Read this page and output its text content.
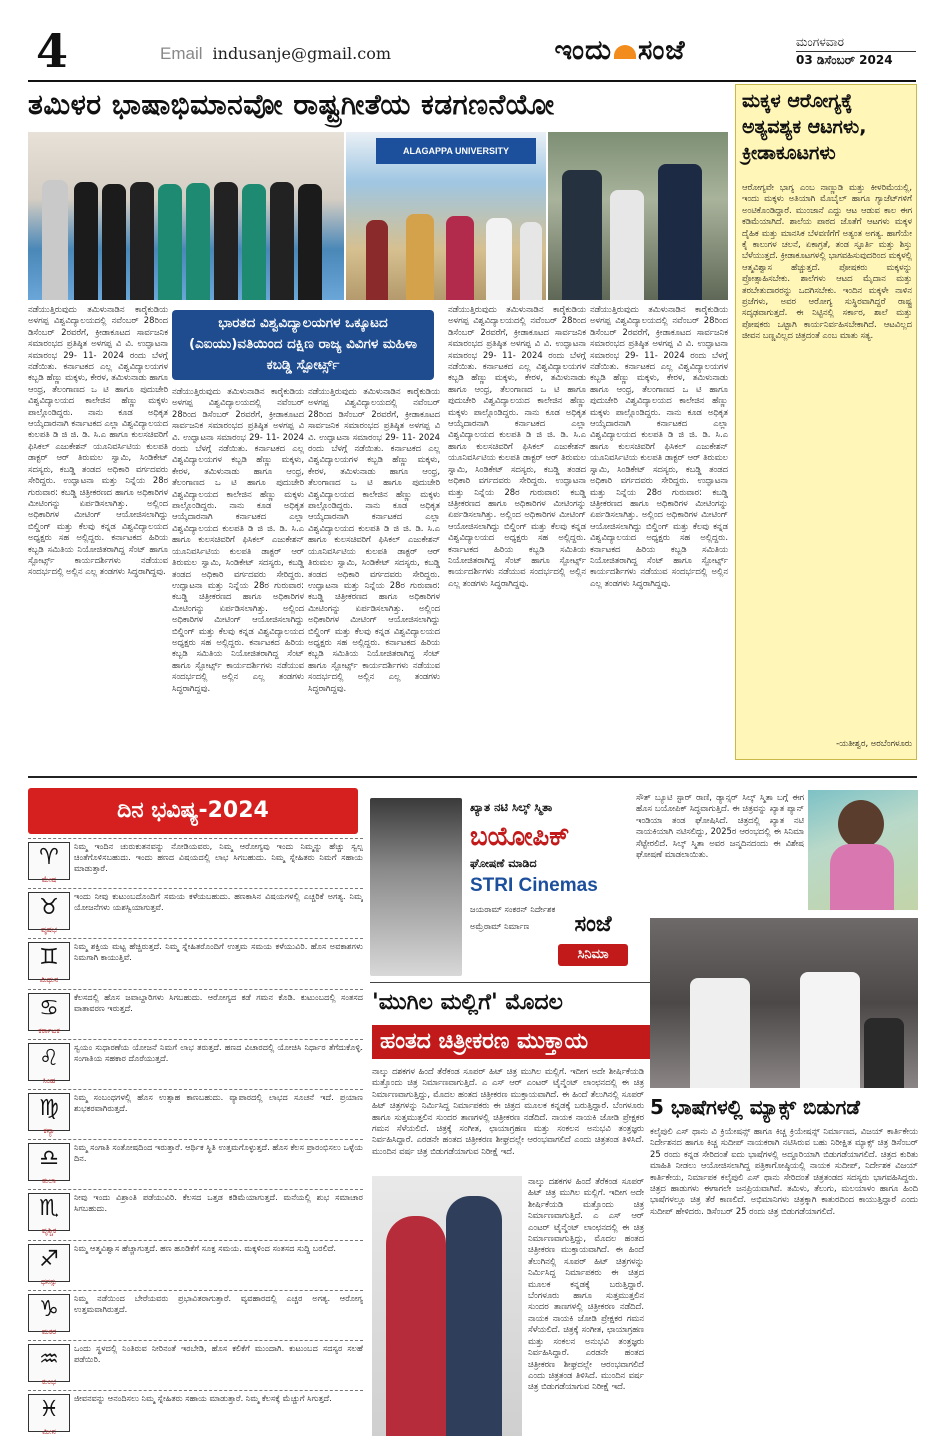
4	Email indusanje@gmail.com	ಇಂದು ಸಂಜೆ	ಮಂಗಳವಾರ
03 ಡಿಸೆಂಬರ್ 2024
ತಮಿಳರ ಭಾಷಾಭಿಮಾನವೋ ರಾಷ್ಟ್ರಗೀತೆಯ ಕಡಗಣನೆಯೋ
ALAGAPPA UNIVERSITY
ಭಾರತದ ವಿಶ್ವವಿದ್ಯಾಲಯಗಳ ಒಕ್ಕೂಟದ (ಎಐಯು)ವತಿಯಿಂದ ದಕ್ಷಿಣ ರಾಜ್ಯ ವಿವಿಗಳ ಮಹಿಳಾ ಕಬಡ್ಡಿ ಸ್ಪೋರ್ಟ್ಸ್
ನಡೆಯುತ್ತಿರುವುದು ತಮಿಳುನಾಡಿನ ಕಾರೈಕುಡಿಯ ಅಳಗಪ್ಪ ವಿಶ್ವವಿದ್ಯಾಲಯದಲ್ಲಿ ನವೆಂಬರ್ 28ರಿಂದ ಡಿಸೆಂಬರ್ 2ರವರೆಗೆ, ಕ್ರೀಡಾಕೂಟದ ಸಾರ್ವಜನಿಕ ಸಮಾರಂಭದ ಪ್ರತಿಷ್ಠಿತ ಅಳಗಪ್ಪ ವಿ ವಿ. ಉದ್ಘಾಟನಾ ಸಮಾರಂಭ 29- 11- 2024 ರಂದು ಬೆಳಗ್ಗೆ ನಡೆಯಿತು. ಕರ್ನಾಟಕದ ಎಲ್ಲ ವಿಶ್ವವಿದ್ಯಾಲಯಗಳ ಕಬ್ಬಡಿ ಹೆಣ್ಣು ಮಕ್ಕಳು, ಕೇರಳ, ತಮಿಳುನಾಡು ಹಾಗೂ ಆಂಧ್ರ, ತೆಲಂಗಾಣದ ಒ ಟಿ ಹಾಗೂ ಪುದುಚೇರಿ ವಿಶ್ವವಿದ್ಯಾಲಯದ ಕಾಲೇಜಿನ ಹೆಣ್ಣು ಮಕ್ಕಳು ಪಾಲ್ಗೊಂಡಿದ್ದರು. ನಾನು ಕೂಡ ಅಧಿಕೃತ ಆಯ್ಕೆದಾರನಾಗಿ ಕರ್ನಾಟಕದ ಎಲ್ಲಾ ವಿಶ್ವವಿದ್ಯಾಲಯದ ಕುಲಪತಿ ಡಿ ಜಿ ಜಿ. ಡಿ. ಸಿ.ಎ ಹಾಗೂ ಕುಲಸಚಿವರಿಗೆ ಫಿಸಿಕಲ್ ಎಜುಕೇಶನ್ ಯೂನಿವರ್ಸಿಟಿಯ ಕುಲಪತಿ ಡಾಕ್ಟರ್ ಆರ್ ತಿರುಮಲ ಸ್ವಾಮಿ, ಸಿಂಡಿಕೇಟ್ ಸದಸ್ಯರು, ಕಬಡ್ಡಿ ತಂಡದ ಅಧಿಕಾರಿ ವರ್ಗದವರು ಸೇರಿದ್ದರು. ಉದ್ಘಾಟನಾ ಮತ್ತು ನಿನ್ನೆಯ 28ರ ಗುರುವಾರ: ಕಬಡ್ಡಿ ಚಿತ್ರೀಕರಣದ ಹಾಗೂ ಅಧಿಕಾರಿಗಳ ಮೀಟಿಂಗನ್ನು ಏರ್ಪಡಿಸಲಾಗಿತ್ತು. ಅಲ್ಲಿಂದ ಅಧಿಕಾರಿಗಳ ಮೀಟಿಂಗ್ ಆಯೋಜಿಸಲಾಗಿದ್ದು ಬಿಲ್ಡಿಂಗ್ ಮತ್ತು ಕೆಲವು ಕನ್ನಡ ವಿಶ್ವವಿದ್ಯಾಲಯದ ಅಧ್ಯಕ್ಷರು ಸಹ ಅಲ್ಲಿದ್ದರು. ಕರ್ನಾಟಕದ ಹಿರಿಯ ಕಬ್ಬಡಿ ಸಮಿತಿಯ ನಿಯೋಜಿತರಾಗಿದ್ದ ಸೆಂಟ್ ಹಾಗೂ ಸ್ಪೋರ್ಟ್ಸ್ ಕಾರ್ಯದರ್ಶಿಗಳು ನಡೆಯುವ ಸಂದರ್ಭದಲ್ಲಿ ಅಲ್ಲಿನ ಎಲ್ಲ ತಂಡಗಳು ಸಿದ್ಧರಾಗಿದ್ದವು.
ನಡೆಯುತ್ತಿರುವುದು ತಮಿಳುನಾಡಿನ ಕಾರೈಕುಡಿಯ ಅಳಗಪ್ಪ ವಿಶ್ವವಿದ್ಯಾಲಯದಲ್ಲಿ ನವೆಂಬರ್ 28ರಿಂದ ಡಿಸೆಂಬರ್ 2ರವರೆಗೆ, ಕ್ರೀಡಾಕೂಟದ ಸಾರ್ವಜನಿಕ ಸಮಾರಂಭದ ಪ್ರತಿಷ್ಠಿತ ಅಳಗಪ್ಪ ವಿ ವಿ. ಉದ್ಘಾಟನಾ ಸಮಾರಂಭ 29- 11- 2024 ರಂದು ಬೆಳಗ್ಗೆ ನಡೆಯಿತು. ಕರ್ನಾಟಕದ ಎಲ್ಲ ವಿಶ್ವವಿದ್ಯಾಲಯಗಳ ಕಬ್ಬಡಿ ಹೆಣ್ಣು ಮಕ್ಕಳು, ಕೇರಳ, ತಮಿಳುನಾಡು ಹಾಗೂ ಆಂಧ್ರ, ತೆಲಂಗಾಣದ ಒ ಟಿ ಹಾಗೂ ಪುದುಚೇರಿ ವಿಶ್ವವಿದ್ಯಾಲಯದ ಕಾಲೇಜಿನ ಹೆಣ್ಣು ಮಕ್ಕಳು ಪಾಲ್ಗೊಂಡಿದ್ದರು. ನಾನು ಕೂಡ ಅಧಿಕೃತ ಆಯ್ಕೆದಾರನಾಗಿ ಕರ್ನಾಟಕದ ಎಲ್ಲಾ ವಿಶ್ವವಿದ್ಯಾಲಯದ ಕುಲಪತಿ ಡಿ ಜಿ ಜಿ. ಡಿ. ಸಿ.ಎ ಹಾಗೂ ಕುಲಸಚಿವರಿಗೆ ಫಿಸಿಕಲ್ ಎಜುಕೇಶನ್ ಯೂನಿವರ್ಸಿಟಿಯ ಕುಲಪತಿ ಡಾಕ್ಟರ್ ಆರ್ ತಿರುಮಲ ಸ್ವಾಮಿ, ಸಿಂಡಿಕೇಟ್ ಸದಸ್ಯರು, ಕಬಡ್ಡಿ ತಂಡದ ಅಧಿಕಾರಿ ವರ್ಗದವರು ಸೇರಿದ್ದರು. ಉದ್ಘಾಟನಾ ಮತ್ತು ನಿನ್ನೆಯ 28ರ ಗುರುವಾರ: ಕಬಡ್ಡಿ ಚಿತ್ರೀಕರಣದ ಹಾಗೂ ಅಧಿಕಾರಿಗಳ ಮೀಟಿಂಗನ್ನು ಏರ್ಪಡಿಸಲಾಗಿತ್ತು. ಅಲ್ಲಿಂದ ಅಧಿಕಾರಿಗಳ ಮೀಟಿಂಗ್ ಆಯೋಜಿಸಲಾಗಿದ್ದು ಬಿಲ್ಡಿಂಗ್ ಮತ್ತು ಕೆಲವು ಕನ್ನಡ ವಿಶ್ವವಿದ್ಯಾಲಯದ ಅಧ್ಯಕ್ಷರು ಸಹ ಅಲ್ಲಿದ್ದರು. ಕರ್ನಾಟಕದ ಹಿರಿಯ ಕಬ್ಬಡಿ ಸಮಿತಿಯ ನಿಯೋಜಿತರಾಗಿದ್ದ ಸೆಂಟ್ ಹಾಗೂ ಸ್ಪೋರ್ಟ್ಸ್ ಕಾರ್ಯದರ್ಶಿಗಳು ನಡೆಯುವ ಸಂದರ್ಭದಲ್ಲಿ ಅಲ್ಲಿನ ಎಲ್ಲ ತಂಡಗಳು ಸಿದ್ಧರಾಗಿದ್ದವು.
ನಡೆಯುತ್ತಿರುವುದು ತಮಿಳುನಾಡಿನ ಕಾರೈಕುಡಿಯ ಅಳಗಪ್ಪ ವಿಶ್ವವಿದ್ಯಾಲಯದಲ್ಲಿ ನವೆಂಬರ್ 28ರಿಂದ ಡಿಸೆಂಬರ್ 2ರವರೆಗೆ, ಕ್ರೀಡಾಕೂಟದ ಸಾರ್ವಜನಿಕ ಸಮಾರಂಭದ ಪ್ರತಿಷ್ಠಿತ ಅಳಗಪ್ಪ ವಿ ವಿ. ಉದ್ಘಾಟನಾ ಸಮಾರಂಭ 29- 11- 2024 ರಂದು ಬೆಳಗ್ಗೆ ನಡೆಯಿತು. ಕರ್ನಾಟಕದ ಎಲ್ಲ ವಿಶ್ವವಿದ್ಯಾಲಯಗಳ ಕಬ್ಬಡಿ ಹೆಣ್ಣು ಮಕ್ಕಳು, ಕೇರಳ, ತಮಿಳುನಾಡು ಹಾಗೂ ಆಂಧ್ರ, ತೆಲಂಗಾಣದ ಒ ಟಿ ಹಾಗೂ ಪುದುಚೇರಿ ವಿಶ್ವವಿದ್ಯಾಲಯದ ಕಾಲೇಜಿನ ಹೆಣ್ಣು ಮಕ್ಕಳು ಪಾಲ್ಗೊಂಡಿದ್ದರು. ನಾನು ಕೂಡ ಅಧಿಕೃತ ಆಯ್ಕೆದಾರನಾಗಿ ಕರ್ನಾಟಕದ ಎಲ್ಲಾ ವಿಶ್ವವಿದ್ಯಾಲಯದ ಕುಲಪತಿ ಡಿ ಜಿ ಜಿ. ಡಿ. ಸಿ.ಎ ಹಾಗೂ ಕುಲಸಚಿವರಿಗೆ ಫಿಸಿಕಲ್ ಎಜುಕೇಶನ್ ಯೂನಿವರ್ಸಿಟಿಯ ಕುಲಪತಿ ಡಾಕ್ಟರ್ ಆರ್ ತಿರುಮಲ ಸ್ವಾಮಿ, ಸಿಂಡಿಕೇಟ್ ಸದಸ್ಯರು, ಕಬಡ್ಡಿ ತಂಡದ ಅಧಿಕಾರಿ ವರ್ಗದವರು ಸೇರಿದ್ದರು. ಉದ್ಘಾಟನಾ ಮತ್ತು ನಿನ್ನೆಯ 28ರ ಗುರುವಾರ: ಕಬಡ್ಡಿ ಚಿತ್ರೀಕರಣದ ಹಾಗೂ ಅಧಿಕಾರಿಗಳ ಮೀಟಿಂಗನ್ನು ಏರ್ಪಡಿಸಲಾಗಿತ್ತು. ಅಲ್ಲಿಂದ ಅಧಿಕಾರಿಗಳ ಮೀಟಿಂಗ್ ಆಯೋಜಿಸಲಾಗಿದ್ದು ಬಿಲ್ಡಿಂಗ್ ಮತ್ತು ಕೆಲವು ಕನ್ನಡ ವಿಶ್ವವಿದ್ಯಾಲಯದ ಅಧ್ಯಕ್ಷರು ಸಹ ಅಲ್ಲಿದ್ದರು. ಕರ್ನಾಟಕದ ಹಿರಿಯ ಕಬ್ಬಡಿ ಸಮಿತಿಯ ನಿಯೋಜಿತರಾಗಿದ್ದ ಸೆಂಟ್ ಹಾಗೂ ಸ್ಪೋರ್ಟ್ಸ್ ಕಾರ್ಯದರ್ಶಿಗಳು ನಡೆಯುವ ಸಂದರ್ಭದಲ್ಲಿ ಅಲ್ಲಿನ ಎಲ್ಲ ತಂಡಗಳು ಸಿದ್ಧರಾಗಿದ್ದವು.
ನಡೆಯುತ್ತಿರುವುದು ತಮಿಳುನಾಡಿನ ಕಾರೈಕುಡಿಯ ಅಳಗಪ್ಪ ವಿಶ್ವವಿದ್ಯಾಲಯದಲ್ಲಿ ನವೆಂಬರ್ 28ರಿಂದ ಡಿಸೆಂಬರ್ 2ರವರೆಗೆ, ಕ್ರೀಡಾಕೂಟದ ಸಾರ್ವಜನಿಕ ಸಮಾರಂಭದ ಪ್ರತಿಷ್ಠಿತ ಅಳಗಪ್ಪ ವಿ ವಿ. ಉದ್ಘಾಟನಾ ಸಮಾರಂಭ 29- 11- 2024 ರಂದು ಬೆಳಗ್ಗೆ ನಡೆಯಿತು. ಕರ್ನಾಟಕದ ಎಲ್ಲ ವಿಶ್ವವಿದ್ಯಾಲಯಗಳ ಕಬ್ಬಡಿ ಹೆಣ್ಣು ಮಕ್ಕಳು, ಕೇರಳ, ತಮಿಳುನಾಡು ಹಾಗೂ ಆಂಧ್ರ, ತೆಲಂಗಾಣದ ಒ ಟಿ ಹಾಗೂ ಪುದುಚೇರಿ ವಿಶ್ವವಿದ್ಯಾಲಯದ ಕಾಲೇಜಿನ ಹೆಣ್ಣು ಮಕ್ಕಳು ಪಾಲ್ಗೊಂಡಿದ್ದರು. ನಾನು ಕೂಡ ಅಧಿಕೃತ ಆಯ್ಕೆದಾರನಾಗಿ ಕರ್ನಾಟಕದ ಎಲ್ಲಾ ವಿಶ್ವವಿದ್ಯಾಲಯದ ಕುಲಪತಿ ಡಿ ಜಿ ಜಿ. ಡಿ. ಸಿ.ಎ ಹಾಗೂ ಕುಲಸಚಿವರಿಗೆ ಫಿಸಿಕಲ್ ಎಜುಕೇಶನ್ ಯೂನಿವರ್ಸಿಟಿಯ ಕುಲಪತಿ ಡಾಕ್ಟರ್ ಆರ್ ತಿರುಮಲ ಸ್ವಾಮಿ, ಸಿಂಡಿಕೇಟ್ ಸದಸ್ಯರು, ಕಬಡ್ಡಿ ತಂಡದ ಅಧಿಕಾರಿ ವರ್ಗದವರು ಸೇರಿದ್ದರು. ಉದ್ಘಾಟನಾ ಮತ್ತು ನಿನ್ನೆಯ 28ರ ಗುರುವಾರ: ಕಬಡ್ಡಿ ಚಿತ್ರೀಕರಣದ ಹಾಗೂ ಅಧಿಕಾರಿಗಳ ಮೀಟಿಂಗನ್ನು ಏರ್ಪಡಿಸಲಾಗಿತ್ತು. ಅಲ್ಲಿಂದ ಅಧಿಕಾರಿಗಳ ಮೀಟಿಂಗ್ ಆಯೋಜಿಸಲಾಗಿದ್ದು ಬಿಲ್ಡಿಂಗ್ ಮತ್ತು ಕೆಲವು ಕನ್ನಡ ವಿಶ್ವವಿದ್ಯಾಲಯದ ಅಧ್ಯಕ್ಷರು ಸಹ ಅಲ್ಲಿದ್ದರು. ಕರ್ನಾಟಕದ ಹಿರಿಯ ಕಬ್ಬಡಿ ಸಮಿತಿಯ ನಿಯೋಜಿತರಾಗಿದ್ದ ಸೆಂಟ್ ಹಾಗೂ ಸ್ಪೋರ್ಟ್ಸ್ ಕಾರ್ಯದರ್ಶಿಗಳು ನಡೆಯುವ ಸಂದರ್ಭದಲ್ಲಿ ಅಲ್ಲಿನ ಎಲ್ಲ ತಂಡಗಳು ಸಿದ್ಧರಾಗಿದ್ದವು.
ನಡೆಯುತ್ತಿರುವುದು ತಮಿಳುನಾಡಿನ ಕಾರೈಕುಡಿಯ ಅಳಗಪ್ಪ ವಿಶ್ವವಿದ್ಯಾಲಯದಲ್ಲಿ ನವೆಂಬರ್ 28ರಿಂದ ಡಿಸೆಂಬರ್ 2ರವರೆಗೆ, ಕ್ರೀಡಾಕೂಟದ ಸಾರ್ವಜನಿಕ ಸಮಾರಂಭದ ಪ್ರತಿಷ್ಠಿತ ಅಳಗಪ್ಪ ವಿ ವಿ. ಉದ್ಘಾಟನಾ ಸಮಾರಂಭ 29- 11- 2024 ರಂದು ಬೆಳಗ್ಗೆ ನಡೆಯಿತು. ಕರ್ನಾಟಕದ ಎಲ್ಲ ವಿಶ್ವವಿದ್ಯಾಲಯಗಳ ಕಬ್ಬಡಿ ಹೆಣ್ಣು ಮಕ್ಕಳು, ಕೇರಳ, ತಮಿಳುನಾಡು ಹಾಗೂ ಆಂಧ್ರ, ತೆಲಂಗಾಣದ ಒ ಟಿ ಹಾಗೂ ಪುದುಚೇರಿ ವಿಶ್ವವಿದ್ಯಾಲಯದ ಕಾಲೇಜಿನ ಹೆಣ್ಣು ಮಕ್ಕಳು ಪಾಲ್ಗೊಂಡಿದ್ದರು. ನಾನು ಕೂಡ ಅಧಿಕೃತ ಆಯ್ಕೆದಾರನಾಗಿ ಕರ್ನಾಟಕದ ಎಲ್ಲಾ ವಿಶ್ವವಿದ್ಯಾಲಯದ ಕುಲಪತಿ ಡಿ ಜಿ ಜಿ. ಡಿ. ಸಿ.ಎ ಹಾಗೂ ಕುಲಸಚಿವರಿಗೆ ಫಿಸಿಕಲ್ ಎಜುಕೇಶನ್ ಯೂನಿವರ್ಸಿಟಿಯ ಕುಲಪತಿ ಡಾಕ್ಟರ್ ಆರ್ ತಿರುಮಲ ಸ್ವಾಮಿ, ಸಿಂಡಿಕೇಟ್ ಸದಸ್ಯರು, ಕಬಡ್ಡಿ ತಂಡದ ಅಧಿಕಾರಿ ವರ್ಗದವರು ಸೇರಿದ್ದರು. ಉದ್ಘಾಟನಾ ಮತ್ತು ನಿನ್ನೆಯ 28ರ ಗುರುವಾರ: ಕಬಡ್ಡಿ ಚಿತ್ರೀಕರಣದ ಹಾಗೂ ಅಧಿಕಾರಿಗಳ ಮೀಟಿಂಗನ್ನು ಏರ್ಪಡಿಸಲಾಗಿತ್ತು. ಅಲ್ಲಿಂದ ಅಧಿಕಾರಿಗಳ ಮೀಟಿಂಗ್ ಆಯೋಜಿಸಲಾಗಿದ್ದು ಬಿಲ್ಡಿಂಗ್ ಮತ್ತು ಕೆಲವು ಕನ್ನಡ ವಿಶ್ವವಿದ್ಯಾಲಯದ ಅಧ್ಯಕ್ಷರು ಸಹ ಅಲ್ಲಿದ್ದರು. ಕರ್ನಾಟಕದ ಹಿರಿಯ ಕಬ್ಬಡಿ ಸಮಿತಿಯ ನಿಯೋಜಿತರಾಗಿದ್ದ ಸೆಂಟ್ ಹಾಗೂ ಸ್ಪೋರ್ಟ್ಸ್ ಕಾರ್ಯದರ್ಶಿಗಳು ನಡೆಯುವ ಸಂದರ್ಭದಲ್ಲಿ ಅಲ್ಲಿನ ಎಲ್ಲ ತಂಡಗಳು ಸಿದ್ಧರಾಗಿದ್ದವು.
ಮಕ್ಕಳ ಆರೋಗ್ಯಕ್ಕೆ ಅತ್ಯವಶ್ಯಕ ಆಟಗಳು, ಕ್ರೀಡಾಕೂಟಗಳು
ಆರೋಗ್ಯವೇ ಭಾಗ್ಯ ಎಂಬ ನಾಣ್ಣುಡಿ ಮತ್ತು ಕೀಳರಿಮೆಯಲ್ಲಿ, ಇಂದು ಮಕ್ಕಳು ಅತಿಯಾಗಿ ಮೊಬೈಲ್ ಹಾಗೂ ಗ್ಯಾಜೆಟ್‌ಗಳಿಗೆ ಅಂಟಿಕೊಂಡಿದ್ದಾರೆ. ಮುಂಜಾನೆ ಎದ್ದು ಆಟ ಆಡುವ ಕಾಲ ಈಗ ಕಡಿಮೆಯಾಗಿದೆ. ಶಾಲೆಯ ಪಾಠದ ಜೊತೆಗೆ ಆಟಗಳು ಮಕ್ಕಳ ದೈಹಿಕ ಮತ್ತು ಮಾನಸಿಕ ಬೆಳವಣಿಗೆಗೆ ಅತ್ಯಂತ ಅಗತ್ಯ. ಹಾಗೆಯೇ ಕೈ ಕಾಲುಗಳ ಚಲನೆ, ಏಕಾಗ್ರತೆ, ತಂಡ ಸ್ಫೂರ್ತಿ ಮತ್ತು ಶಿಸ್ತು ಬೆಳೆಯುತ್ತದೆ. ಕ್ರೀಡಾಕೂಟಗಳಲ್ಲಿ ಭಾಗವಹಿಸುವುದರಿಂದ ಮಕ್ಕಳಲ್ಲಿ ಆತ್ಮವಿಶ್ವಾಸ ಹೆಚ್ಚುತ್ತದೆ. ಪೋಷಕರು ಮಕ್ಕಳನ್ನು ಪ್ರೋತ್ಸಾಹಿಸಬೇಕು. ಶಾಲೆಗಳು ಆಟದ ಮೈದಾನ ಮತ್ತು ತರಬೇತುದಾರರನ್ನು ಒದಗಿಸಬೇಕು. ಇಂದಿನ ಮಕ್ಕಳೇ ನಾಳಿನ ಪ್ರಜೆಗಳು, ಅವರ ಆರೋಗ್ಯ ಸುಸ್ಥಿರವಾಗಿದ್ದರೆ ರಾಷ್ಟ್ರ ಸದೃಢವಾಗುತ್ತದೆ. ಈ ನಿಟ್ಟಿನಲ್ಲಿ ಸರ್ಕಾರ, ಶಾಲೆ ಮತ್ತು ಪೋಷಕರು ಒಟ್ಟಾಗಿ ಕಾರ್ಯನಿರ್ವಹಿಸಬೇಕಾಗಿದೆ. ಆಟವಿಲ್ಲದ ಜೀವನ ಬಣ್ಣವಿಲ್ಲದ ಚಿತ್ರದಂತೆ ಎಂಬ ಮಾತು ಸತ್ಯ.
-ಯತೀಶ್ವರ, ಅರಬೆಂಗಳೂರು
ದಿನ ಭವಿಷ್ಯ-2024
♈
ಮೇಷ
ನಿಮ್ಮ ಇಂದಿನ ಚುರುಕುತನವನ್ನು ನೋಡಿಯವರು, ನಿಮ್ಮ ಆರೋಗ್ಯವು ಇಂದು ನಿಮ್ಮನ್ನು ಹೆಚ್ಚು ಸ್ವಲ್ಪ ಚಿಂತೆಗೊಳಿಸಬಹುದು. ಇಂದು ಹಣದ ವಿಷಯದಲ್ಲಿ ಲಾಭ ಸಿಗಬಹುದು. ನಿಮ್ಮ ಸ್ನೇಹಿತರು ನಿಮಗೆ ಸಹಾಯ ಮಾಡುತ್ತಾರೆ.
♉
ವೃಷಭ
ಇಂದು ನೀವು ಕುಟುಂಬದೊಂದಿಗೆ ಸಮಯ ಕಳೆಯಬಹುದು. ಹಣಕಾಸಿನ ವಿಷಯಗಳಲ್ಲಿ ಎಚ್ಚರಿಕೆ ಅಗತ್ಯ. ನಿಮ್ಮ ಯೋಜನೆಗಳು ಯಶಸ್ವಿಯಾಗುತ್ತವೆ.
♊
ಮಿಥುನ
ನಿಮ್ಮ ಶಕ್ತಿಯ ಮಟ್ಟ ಹೆಚ್ಚಿರುತ್ತದೆ. ನಿಮ್ಮ ಸ್ನೇಹಿತರೊಂದಿಗೆ ಉತ್ತಮ ಸಮಯ ಕಳೆಯುವಿರಿ. ಹೊಸ ಅವಕಾಶಗಳು ನಿಮಗಾಗಿ ಕಾಯುತ್ತಿವೆ.
♋
ಕರ್ಕಾಟಕ
ಕೆಲಸದಲ್ಲಿ ಹೊಸ ಜವಾಬ್ದಾರಿಗಳು ಸಿಗಬಹುದು. ಆರೋಗ್ಯದ ಕಡೆ ಗಮನ ಕೊಡಿ. ಕುಟುಂಬದಲ್ಲಿ ಸಂತಸದ ವಾತಾವರಣ ಇರುತ್ತದೆ.
♌
ಸಿಂಹ
ಸ್ವಯಂ ಸುಧಾರಣೆಯ ಯೋಜನೆ ನಿಮಗೆ ಲಾಭ ತರುತ್ತದೆ. ಹಣದ ವಿಚಾರದಲ್ಲಿ ಯೋಚಿಸಿ ನಿರ್ಧಾರ ತೆಗೆದುಕೊಳ್ಳಿ. ಸಂಗಾತಿಯ ಸಹಕಾರ ದೊರೆಯುತ್ತದೆ.
♍
ಕನ್ಯಾ
ನಿಮ್ಮ ಸಂಬಂಧಗಳಲ್ಲಿ ಹೊಸ ಉತ್ಸಾಹ ಕಾಣಬಹುದು. ವ್ಯಾಪಾರದಲ್ಲಿ ಲಾಭದ ಸೂಚನೆ ಇದೆ. ಪ್ರಯಾಣ ಶುಭಕರವಾಗಿರುತ್ತದೆ.
♎
ತುಲಾ
ನಿಮ್ಮ ಸಂಗಾತಿ ಸಂತೋಷದಿಂದ ಇರುತ್ತಾರೆ. ಆರ್ಥಿಕ ಸ್ಥಿತಿ ಉತ್ತಮಗೊಳ್ಳುತ್ತದೆ. ಹೊಸ ಕೆಲಸ ಪ್ರಾರಂಭಿಸಲು ಒಳ್ಳೆಯ ದಿನ.
♏
ವೃಶ್ಚಿಕ
ನೀವು ಇಂದು ವಿಶ್ರಾಂತಿ ಪಡೆಯುವಿರಿ. ಕೆಲಸದ ಒತ್ತಡ ಕಡಿಮೆಯಾಗುತ್ತದೆ. ಮನೆಯಲ್ಲಿ ಶುಭ ಸಮಾಚಾರ ಸಿಗಬಹುದು.
♐
ಧನಸ್ಸು
ನಿಮ್ಮ ಆತ್ಮವಿಶ್ವಾಸ ಹೆಚ್ಚಾಗುತ್ತದೆ. ಹಣ ಹೂಡಿಕೆಗೆ ಸೂಕ್ತ ಸಮಯ. ಮಕ್ಕಳಿಂದ ಸಂತಸದ ಸುದ್ದಿ ಬರಲಿದೆ.
♑
ಮಕರ
ನಿಮ್ಮ ನಡೆಯಿಂದ ಬೇರೆಯವರು ಪ್ರಭಾವಿತರಾಗುತ್ತಾರೆ. ವ್ಯವಹಾರದಲ್ಲಿ ಎಚ್ಚರ ಅಗತ್ಯ. ಆರೋಗ್ಯ ಉತ್ತಮವಾಗಿರುತ್ತದೆ.
♒
ಕುಂಭ
ಒಂದು ಸ್ಥಳದಲ್ಲಿ ನಿಂತಿರುವ ನೀರಿನಂತೆ ಇರಬೇಡಿ, ಹೊಸ ಕಲಿಕೆಗೆ ಮುಂದಾಗಿ. ಕುಟುಂಬದ ಸದಸ್ಯರ ಸಲಹೆ ಪಡೆಯಿರಿ.
♓
ಮೀನ
ಜೀವನವನ್ನು ಆನಂದಿಸಲು ನಿಮ್ಮ ಸ್ನೇಹಿತರು ಸಹಾಯ ಮಾಡುತ್ತಾರೆ. ನಿಮ್ಮ ಕೆಲಸಕ್ಕೆ ಮೆಚ್ಚುಗೆ ಸಿಗುತ್ತದೆ.
ಖ್ಯಾತ ನಟಿ ಸಿಲ್ಕ್ ಸ್ಮಿತಾ
ಬಯೋಪಿಕ್
ಘೋಷಣೆ ಮಾಡಿದ
STRI Cinemas
ಜಯರಾಮ್ ಸಂಕರನ್ ನಿರ್ದೇಶಕ
ಅಮ್ರೆರಾಮ್ ನಿರ್ಮಾಣ	ಸಂಜೆ
ಸಿನಿಮಾ
ಸೌತ್ ಬ್ಯೂಟಿ ಸ್ಟಾರ್ ರಾಣಿ, ಡ್ಯಾನ್ಸರ್ ಸಿಲ್ಕ್ ಸ್ಮಿತಾ ಬಗ್ಗೆ ಈಗ ಹೊಸ ಬಯೋಪಿಕ್ ಸಿದ್ಧವಾಗುತ್ತಿದೆ. ಈ ಚಿತ್ರವನ್ನು ಖ್ಯಾತ ಪ್ಯಾನ್ ಇಂಡಿಯಾ ತಂಡ ಘೋಷಿಸಿದೆ. ಚಿತ್ರದಲ್ಲಿ ಖ್ಯಾತ ನಟಿ ನಾಯಕಿಯಾಗಿ ನಟಿಸಲಿದ್ದು, 2025ರ ಆರಂಭದಲ್ಲಿ ಈ ಸಿನಿಮಾ ಸೆಟ್ಟೇರಲಿದೆ. ಸಿಲ್ಕ್ ಸ್ಮಿತಾ ಅವರ ಜನ್ಮದಿನದಂದು ಈ ವಿಶೇಷ ಘೋಷಣೆ ಮಾಡಲಾಯಿತು.
'ಮುಗಿಲ ಮಲ್ಲಿಗೆ' ಮೊದಲ
ಹಂತದ ಚಿತ್ರೀಕರಣ ಮುಕ್ತಾಯ
ನಾಲ್ಕು ದಶಕಗಳ ಹಿಂದೆ ತೆರೆಕಂಡ ಸೂಪರ್ ಹಿಟ್ ಚಿತ್ರ ಮುಗಿಲ ಮಲ್ಲಿಗೆ. ಇದೀಗ ಅದೇ ಶೀರ್ಷಿಕೆಯಡಿ ಮತ್ತೊಂದು ಚಿತ್ರ ನಿರ್ಮಾಣವಾಗುತ್ತಿದೆ. ಎ ಎಸ್ ಆರ್ ಎಂಟರ್ ಟೈನ್ಮೆಂಟ್ ಲಾಂಛನದಲ್ಲಿ ಈ ಚಿತ್ರ ನಿರ್ಮಾಣವಾಗುತ್ತಿದ್ದು, ಮೊದಲ ಹಂತದ ಚಿತ್ರೀಕರಣ ಮುಕ್ತಾಯವಾಗಿದೆ. ಈ ಹಿಂದೆ ತೆಲುಗಿನಲ್ಲಿ ಸೂಪರ್ ಹಿಟ್ ಚಿತ್ರಗಳನ್ನು ನಿರ್ಮಿಸಿದ್ದ ನಿರ್ಮಾಪಕರು ಈ ಚಿತ್ರದ ಮೂಲಕ ಕನ್ನಡಕ್ಕೆ ಬರುತ್ತಿದ್ದಾರೆ. ಬೆಂಗಳೂರು ಹಾಗೂ ಸುತ್ತಮುತ್ತಲಿನ ಸುಂದರ ತಾಣಗಳಲ್ಲಿ ಚಿತ್ರೀಕರಣ ನಡೆದಿದೆ. ನಾಯಕ ನಾಯಕಿ ಜೋಡಿ ಪ್ರೇಕ್ಷಕರ ಗಮನ ಸೆಳೆಯಲಿದೆ. ಚಿತ್ರಕ್ಕೆ ಸಂಗೀತ, ಛಾಯಾಗ್ರಹಣ ಮತ್ತು ಸಂಕಲನ ಅನುಭವಿ ತಂತ್ರಜ್ಞರು ನಿರ್ವಹಿಸಿದ್ದಾರೆ. ಎರಡನೇ ಹಂತದ ಚಿತ್ರೀಕರಣ ಶೀಘ್ರದಲ್ಲೇ ಆರಂಭವಾಗಲಿದೆ ಎಂದು ಚಿತ್ರತಂಡ ತಿಳಿಸಿದೆ. ಮುಂದಿನ ವರ್ಷ ಚಿತ್ರ ಬಿಡುಗಡೆಯಾಗುವ ನಿರೀಕ್ಷೆ ಇದೆ.
ನಾಲ್ಕು ದಶಕಗಳ ಹಿಂದೆ ತೆರೆಕಂಡ ಸೂಪರ್ ಹಿಟ್ ಚಿತ್ರ ಮುಗಿಲ ಮಲ್ಲಿಗೆ. ಇದೀಗ ಅದೇ ಶೀರ್ಷಿಕೆಯಡಿ ಮತ್ತೊಂದು ಚಿತ್ರ ನಿರ್ಮಾಣವಾಗುತ್ತಿದೆ. ಎ ಎಸ್ ಆರ್ ಎಂಟರ್ ಟೈನ್ಮೆಂಟ್ ಲಾಂಛನದಲ್ಲಿ ಈ ಚಿತ್ರ ನಿರ್ಮಾಣವಾಗುತ್ತಿದ್ದು, ಮೊದಲ ಹಂತದ ಚಿತ್ರೀಕರಣ ಮುಕ್ತಾಯವಾಗಿದೆ. ಈ ಹಿಂದೆ ತೆಲುಗಿನಲ್ಲಿ ಸೂಪರ್ ಹಿಟ್ ಚಿತ್ರಗಳನ್ನು ನಿರ್ಮಿಸಿದ್ದ ನಿರ್ಮಾಪಕರು ಈ ಚಿತ್ರದ ಮೂಲಕ ಕನ್ನಡಕ್ಕೆ ಬರುತ್ತಿದ್ದಾರೆ. ಬೆಂಗಳೂರು ಹಾಗೂ ಸುತ್ತಮುತ್ತಲಿನ ಸುಂದರ ತಾಣಗಳಲ್ಲಿ ಚಿತ್ರೀಕರಣ ನಡೆದಿದೆ. ನಾಯಕ ನಾಯಕಿ ಜೋಡಿ ಪ್ರೇಕ್ಷಕರ ಗಮನ ಸೆಳೆಯಲಿದೆ. ಚಿತ್ರಕ್ಕೆ ಸಂಗೀತ, ಛಾಯಾಗ್ರಹಣ ಮತ್ತು ಸಂಕಲನ ಅನುಭವಿ ತಂತ್ರಜ್ಞರು ನಿರ್ವಹಿಸಿದ್ದಾರೆ. ಎರಡನೇ ಹಂತದ ಚಿತ್ರೀಕರಣ ಶೀಘ್ರದಲ್ಲೇ ಆರಂಭವಾಗಲಿದೆ ಎಂದು ಚಿತ್ರತಂಡ ತಿಳಿಸಿದೆ. ಮುಂದಿನ ವರ್ಷ ಚಿತ್ರ ಬಿಡುಗಡೆಯಾಗುವ ನಿರೀಕ್ಷೆ ಇದೆ.
5 ಭಾಷೆಗಳಲ್ಲಿ ಮ್ಯಾಕ್ಸ್ ಬಿಡುಗಡೆ
ಕಲೈಪುಲಿ ಎಸ್ ಥಾನು ವಿ ಕ್ರಿಯೇಷನ್ಸ್ ಹಾಗೂ ಕಿಚ್ಚ ಕ್ರಿಯೇಷನ್ಸ್ ನಿರ್ಮಾಣದ, ವಿಜಯ್ ಕಾರ್ತಿಕೇಯ ನಿರ್ದೇಶನದ ಹಾಗೂ ಕಿಚ್ಚ ಸುದೀಪ್ ನಾಯಕರಾಗಿ ನಟಿಸಿರುವ ಬಹು ನಿರೀಕ್ಷಿತ ಮ್ಯಾಕ್ಸ್ ಚಿತ್ರ ಡಿಸೆಂಬರ್ 25 ರಂದು ಕನ್ನಡ ಸೇರಿದಂತೆ ಐದು ಭಾಷೆಗಳಲ್ಲಿ ಅದ್ದೂರಿಯಾಗಿ ಬಿಡುಗಡೆಯಾಗಲಿದೆ. ಚಿತ್ರದ ಕುರಿತು ಮಾಹಿತಿ ನೀಡಲು ಆಯೋಜಿಸಲಾಗಿದ್ದ ಪತ್ರಿಕಾಗೋಷ್ಠಿಯಲ್ಲಿ ನಾಯಕ ಸುದೀಪ್, ನಿರ್ದೇಶಕ ವಿಜಯ್ ಕಾರ್ತಿಕೇಯ, ನಿರ್ಮಾಪಕ ಕಲೈಪುಲಿ ಎಸ್ ಥಾನು ಸೇರಿದಂತೆ ಚಿತ್ರತಂಡದ ಸದಸ್ಯರು ಭಾಗವಹಿಸಿದ್ದರು. ಚಿತ್ರದ ಹಾಡುಗಳು ಈಗಾಗಲೇ ಜನಪ್ರಿಯವಾಗಿವೆ. ತಮಿಳು, ತೆಲುಗು, ಮಲಯಾಳಂ ಹಾಗೂ ಹಿಂದಿ ಭಾಷೆಗಳಲ್ಲೂ ಚಿತ್ರ ತೆರೆ ಕಾಣಲಿದೆ. ಅಭಿಮಾನಿಗಳು ಚಿತ್ರಕ್ಕಾಗಿ ಕಾತುರದಿಂದ ಕಾಯುತ್ತಿದ್ದಾರೆ ಎಂದು ಸುದೀಪ್ ಹೇಳಿದರು. ಡಿಸೆಂಬರ್ 25 ರಂದು ಚಿತ್ರ ಬಿಡುಗಡೆಯಾಗಲಿದೆ.
